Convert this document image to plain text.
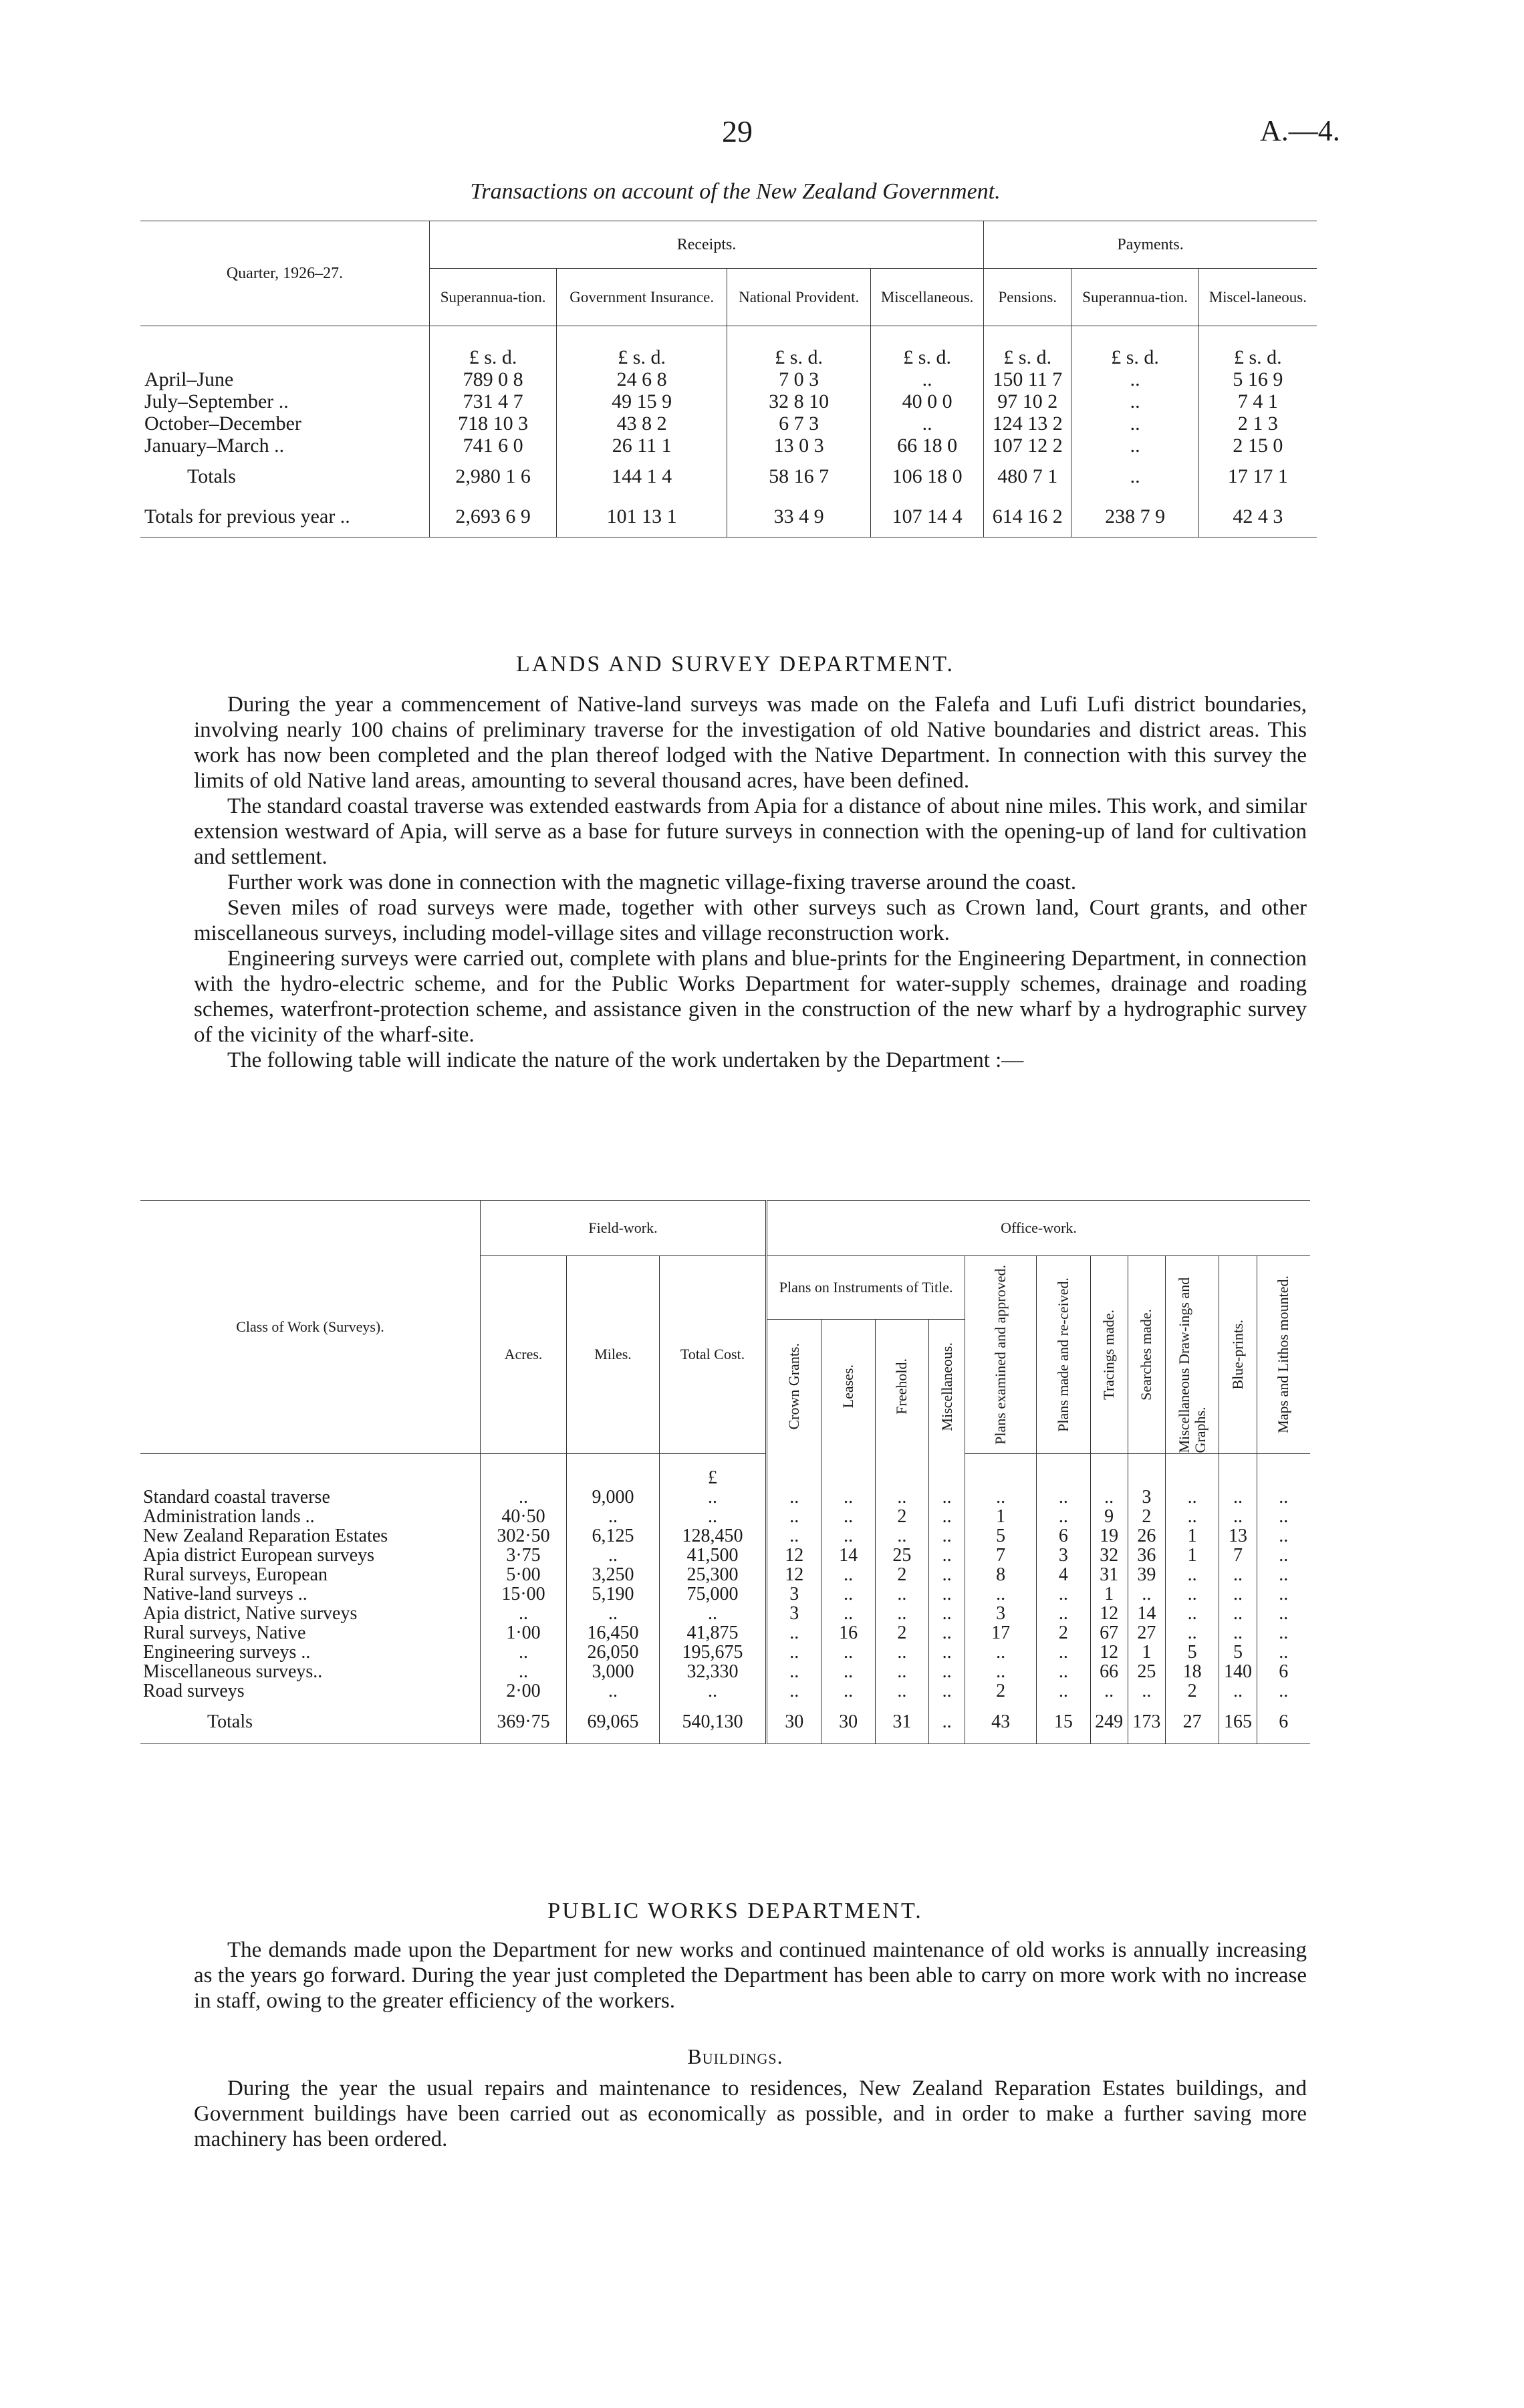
29	A.—4.
Transactions on account of the New Zealand Government.
Quarter, 1926–27.	Receipts.				Payments.		
	Superannua-tion.	Government Insurance.	National Provident.	Miscellaneous.	Pensions.	Superannua-tion.	Miscel-laneous.
	£ s. d.	£ s. d.	£ s. d.	£ s. d.	£ s. d.	£ s. d.	£ s. d.
April–June	789 0 8	24 6 8	7 0 3	..	150 11 7	..	5 16 9
July–September ..	731 4 7	49 15 9	32 8 10	40 0 0	97 10 2	..	7 4 1
October–December	718 10 3	43 8 2	6 7 3	..	124 13 2	..	2 1 3
January–March ..	741 6 0	26 11 1	13 0 3	66 18 0	107 12 2	..	2 15 0
Totals	2,980 1 6	144 1 4	58 16 7	106 18 0	480 7 1	..	17 17 1
Totals for previous year ..	2,693 6 9	101 13 1	33 4 9	107 14 4	614 16 2	238 7 9	42 4 3
LANDS AND SURVEY DEPARTMENT.

During the year a commencement of Native-land surveys was made on the Falefa and Lufi Lufi district boundaries, involving nearly 100 chains of preliminary traverse for the investigation of old Native boundaries and district areas. This work has now been completed and the plan thereof lodged with the Native Department. In connection with this survey the limits of old Native land areas, amounting to several thousand acres, have been defined.

The standard coastal traverse was extended eastwards from Apia for a distance of about nine miles. This work, and similar extension westward of Apia, will serve as a base for future surveys in connection with the opening-up of land for cultivation and settlement.

Further work was done in connection with the magnetic village-fixing traverse around the coast.

Seven miles of road surveys were made, together with other surveys such as Crown land, Court grants, and other miscellaneous surveys, including model-village sites and village reconstruction work.

Engineering surveys were carried out, complete with plans and blue-prints for the Engineering Department, in connection with the hydro-electric scheme, and for the Public Works Department for water-supply schemes, drainage and roading schemes, waterfront-protection scheme, and assistance given in the construction of the new wharf by a hydrographic survey of the vicinity of the wharf-site.

The following table will indicate the nature of the work undertaken by the Department :—

Class of Work (Surveys).	Field-work.			Office-work.										
	Acres.	Miles.	Total Cost.	Plans on Instruments of Title.				Plans examined and approved.	Plans made and re-ceived.	Tracings made.	Searches made.	Miscellaneous Draw-ings and Graphs.	Blue-prints.	Maps and Lithos mounted.

				Crown Grants.	Leases.	Freehold.	Miscellaneous.							

			£											
Standard coastal traverse	..	9,000	..	..	..	..	..	..	..	..	3	..	..	..
Administration lands ..	40·50	..	..	..	..	2	..	1	..	9	2	..	..	..
New Zealand Reparation Estates	302·50	6,125	128,450	..	..	..	..	5	6	19	26	1	13	..
Apia district European surveys	3·75	..	41,500	12	14	25	..	7	3	32	36	1	7	..
Rural surveys, European	5·00	3,250	25,300	12	..	2	..	8	4	31	39	..	..	..
Native-land surveys ..	15·00	5,190	75,000	3	..	..	..	..	..	1	..	..	..	..
Apia district, Native surveys	..	..	..	3	..	..	..	3	..	12	14	..	..	..
Rural surveys, Native	1·00	16,450	41,875	..	16	2	..	17	2	67	27	..	..	..
Engineering surveys ..	..	26,050	195,675	..	..	..	..	..	..	12	1	5	5	..
Miscellaneous surveys..	..	3,000	32,330	..	..	..	..	..	..	66	25	18	140	6
Road surveys	2·00	..	..	..	..	..	..	2	..	..	..	2	..	..
Totals	369·75	69,065	540,130	30	30	31	..	43	15	249	173	27	165	6
PUBLIC WORKS DEPARTMENT.

The demands made upon the Department for new works and continued maintenance of old works is annually increasing as the years go forward. During the year just completed the Department has been able to carry on more work with no increase in staff, owing to the greater efficiency of the workers.

Buildings.

During the year the usual repairs and maintenance to residences, New Zealand Reparation Estates buildings, and Government buildings have been carried out as economically as possible, and in order to make a further saving more machinery has been ordered.
